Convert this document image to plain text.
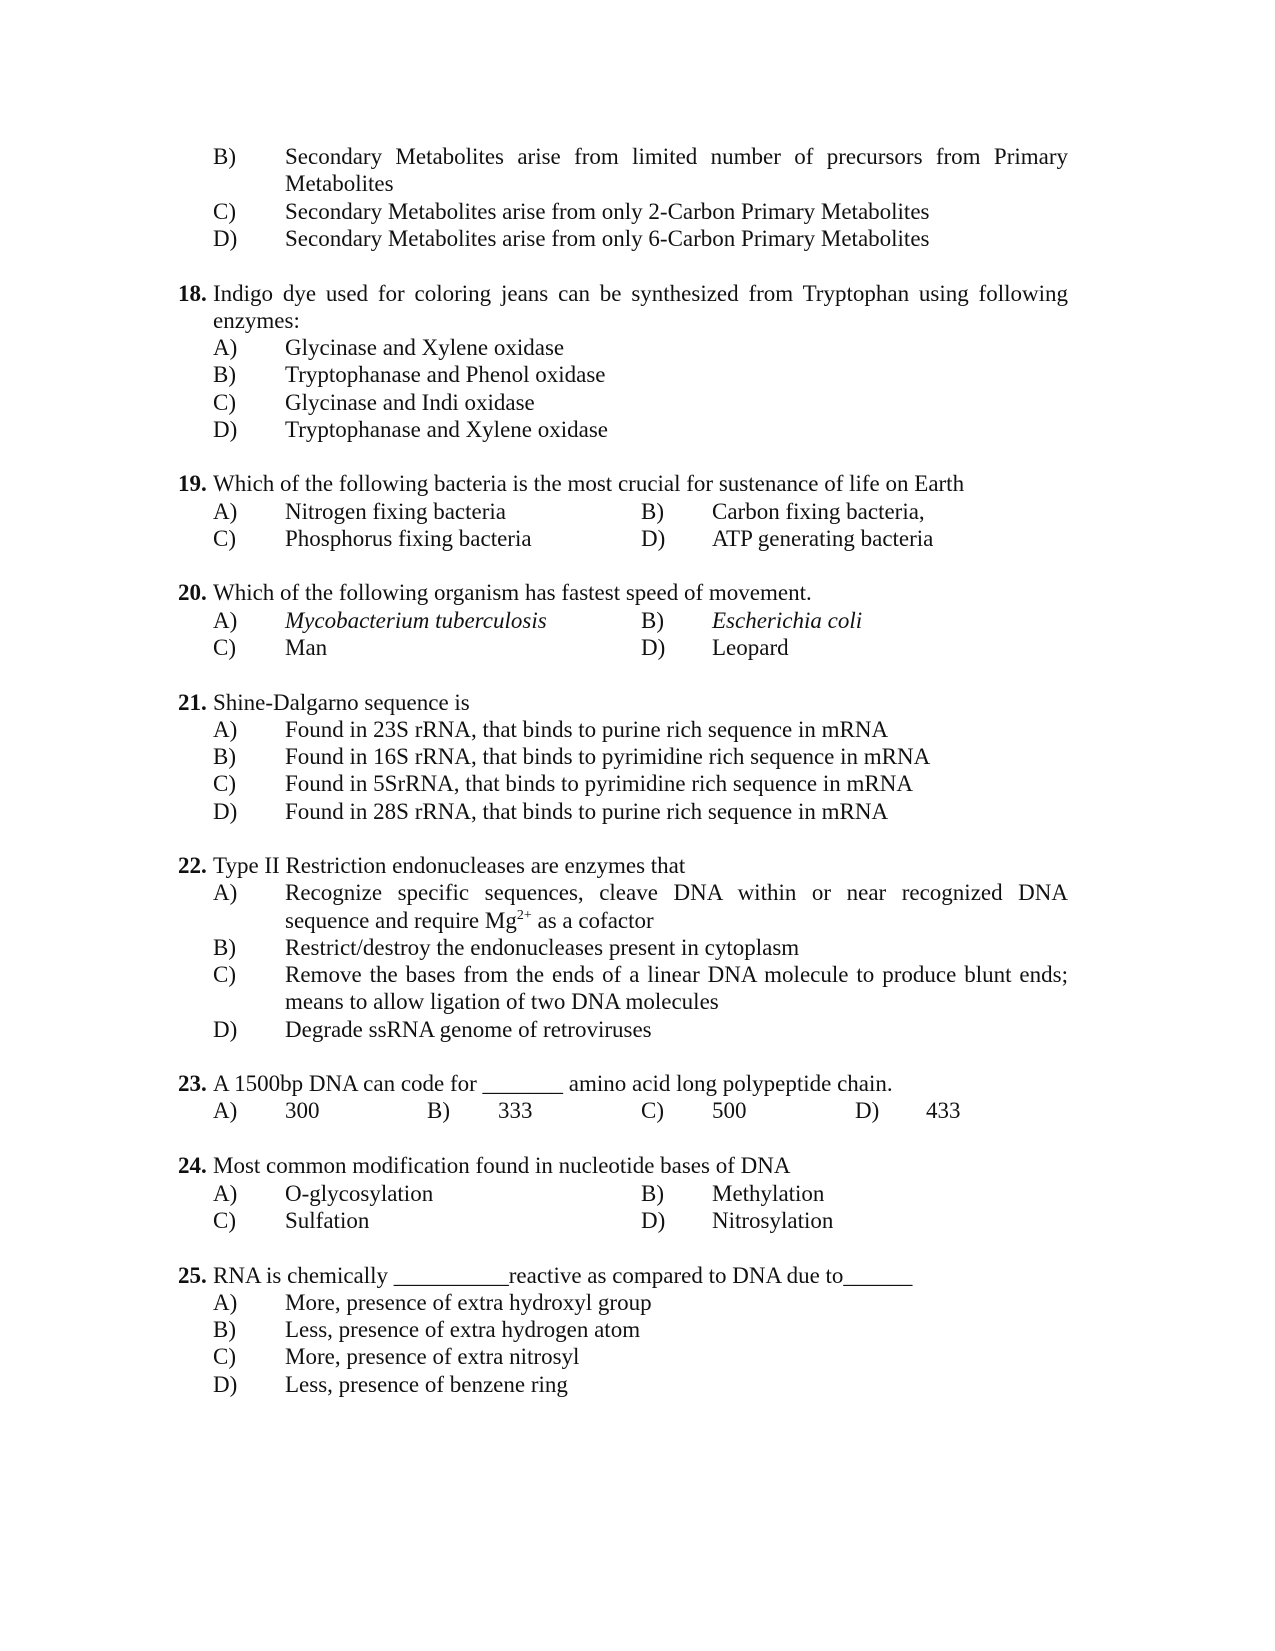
B) Secondary Metabolites arise from limited number of precursors from Primary
Metabolites
C) Secondary Metabolites arise from only 2-Carbon Primary Metabolites
D) Secondary Metabolites arise from only 6-Carbon Primary Metabolites
18. Indigo dye used for coloring jeans can be synthesized from Tryptophan using following
enzymes:
A) Glycinase and Xylene oxidase
B) Tryptophanase and Phenol oxidase
C) Glycinase and Indi oxidase
D) Tryptophanase and Xylene oxidase
19. Which of the following bacteria is the most crucial for sustenance of life on Earth
A) Nitrogen fixing bacteria	B) Carbon fixing bacteria,
C) Phosphorus fixing bacteria	D) ATP generating bacteria
20. Which of the following organism has fastest speed of movement.
A) Mycobacterium tuberculosis	B) Escherichia coli
C) Man	D) Leopard
21. Shine-Dalgarno sequence is
A) Found in 23S rRNA, that binds to purine rich sequence in mRNA
B) Found in 16S rRNA, that binds to pyrimidine rich sequence in mRNA
C) Found in 5SrRNA, that binds to pyrimidine rich sequence in mRNA
D) Found in 28S rRNA, that binds to purine rich sequence in mRNA
22. Type II Restriction endonucleases are enzymes that
A) Recognize specific sequences, cleave DNA within or near recognized DNA
sequence and require $Mg^{2+}$ as a cofactor
B) Restrict/destroy the endonucleases present in cytoplasm
C) Remove the bases from the ends of a linear DNA molecule to produce blunt ends;
means to allow ligation of two DNA molecules
D) Degrade ssRNA genome of retroviruses
23. A 1500bp DNA can code for _______ amino acid long polypeptide chain.
A) 300	B) 333	C) 500	D) 433
24. Most common modification found in nucleotide bases of DNA
A) O-glycosylation	B) Methylation
C) Sulfation	D) Nitrosylation
25. RNA is chemically __________reactive as compared to DNA due to______
A) More, presence of extra hydroxyl group
B) Less, presence of extra hydrogen atom
C) More, presence of extra nitrosyl
D) Less, presence of benzene ring
